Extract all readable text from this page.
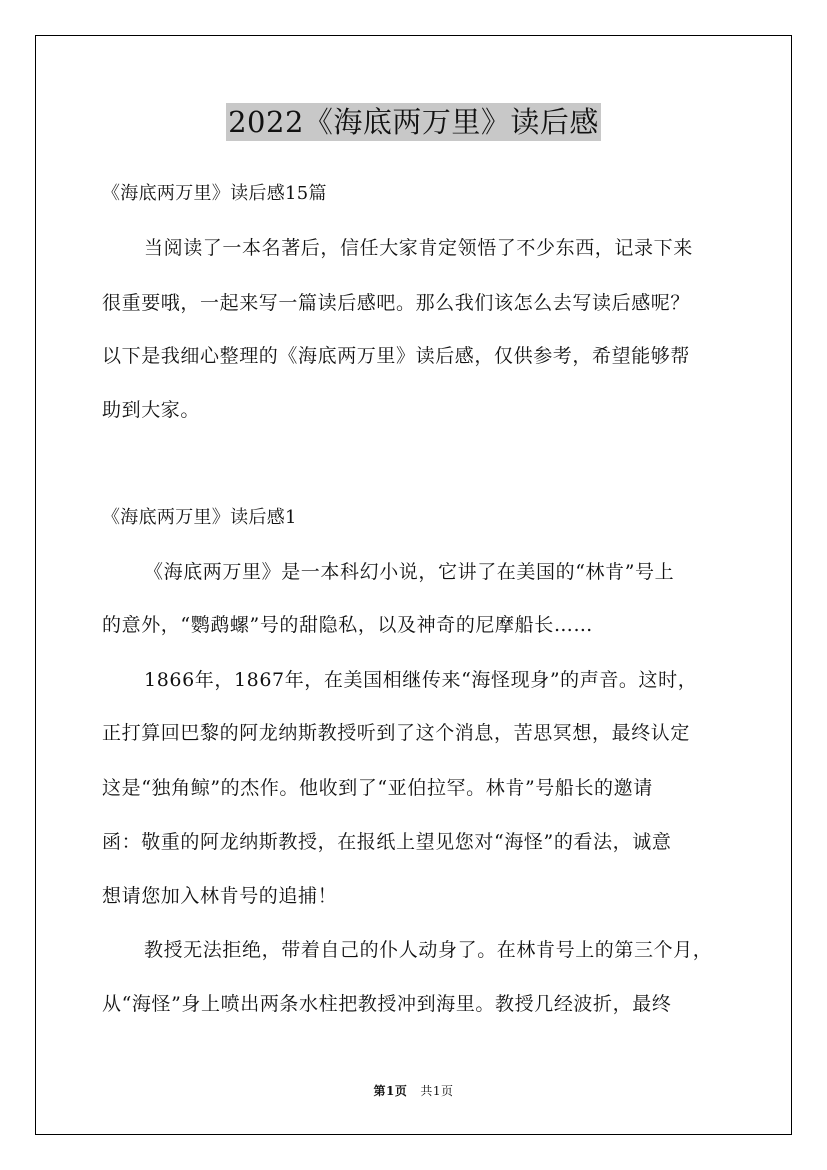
2022《海底两万里》读后感
《海底两万里》读后感15篇
当阅读了一本名著后，信任大家肯定领悟了不少东西，记录下来
很重要哦，一起来写一篇读后感吧。那么我们该怎么去写读后感呢？
以下是我细心整理的《海底两万里》读后感，仅供参考，希望能够帮
助到大家。
《海底两万里》读后感1
《海底两万里》是一本科幻小说，它讲了在美国的“林肯”号上
的意外，“鹦鹉螺”号的甜隐私，以及神奇的尼摩船长……
1866年，1867年，在美国相继传来“海怪现身”的声音。这时，
正打算回巴黎的阿龙纳斯教授听到了这个消息，苦思冥想，最终认定
这是“独角鲸”的杰作。他收到了“亚伯拉罕。林肯”号船长的邀请
函：敬重的阿龙纳斯教授，在报纸上望见您对“海怪”的看法，诚意
想请您加入林肯号的追捕！
教授无法拒绝，带着自己的仆人动身了。在林肯号上的第三个月，
从“海怪”身上喷出两条水柱把教授冲到海里。教授几经波折，最终
第1页 共1页
